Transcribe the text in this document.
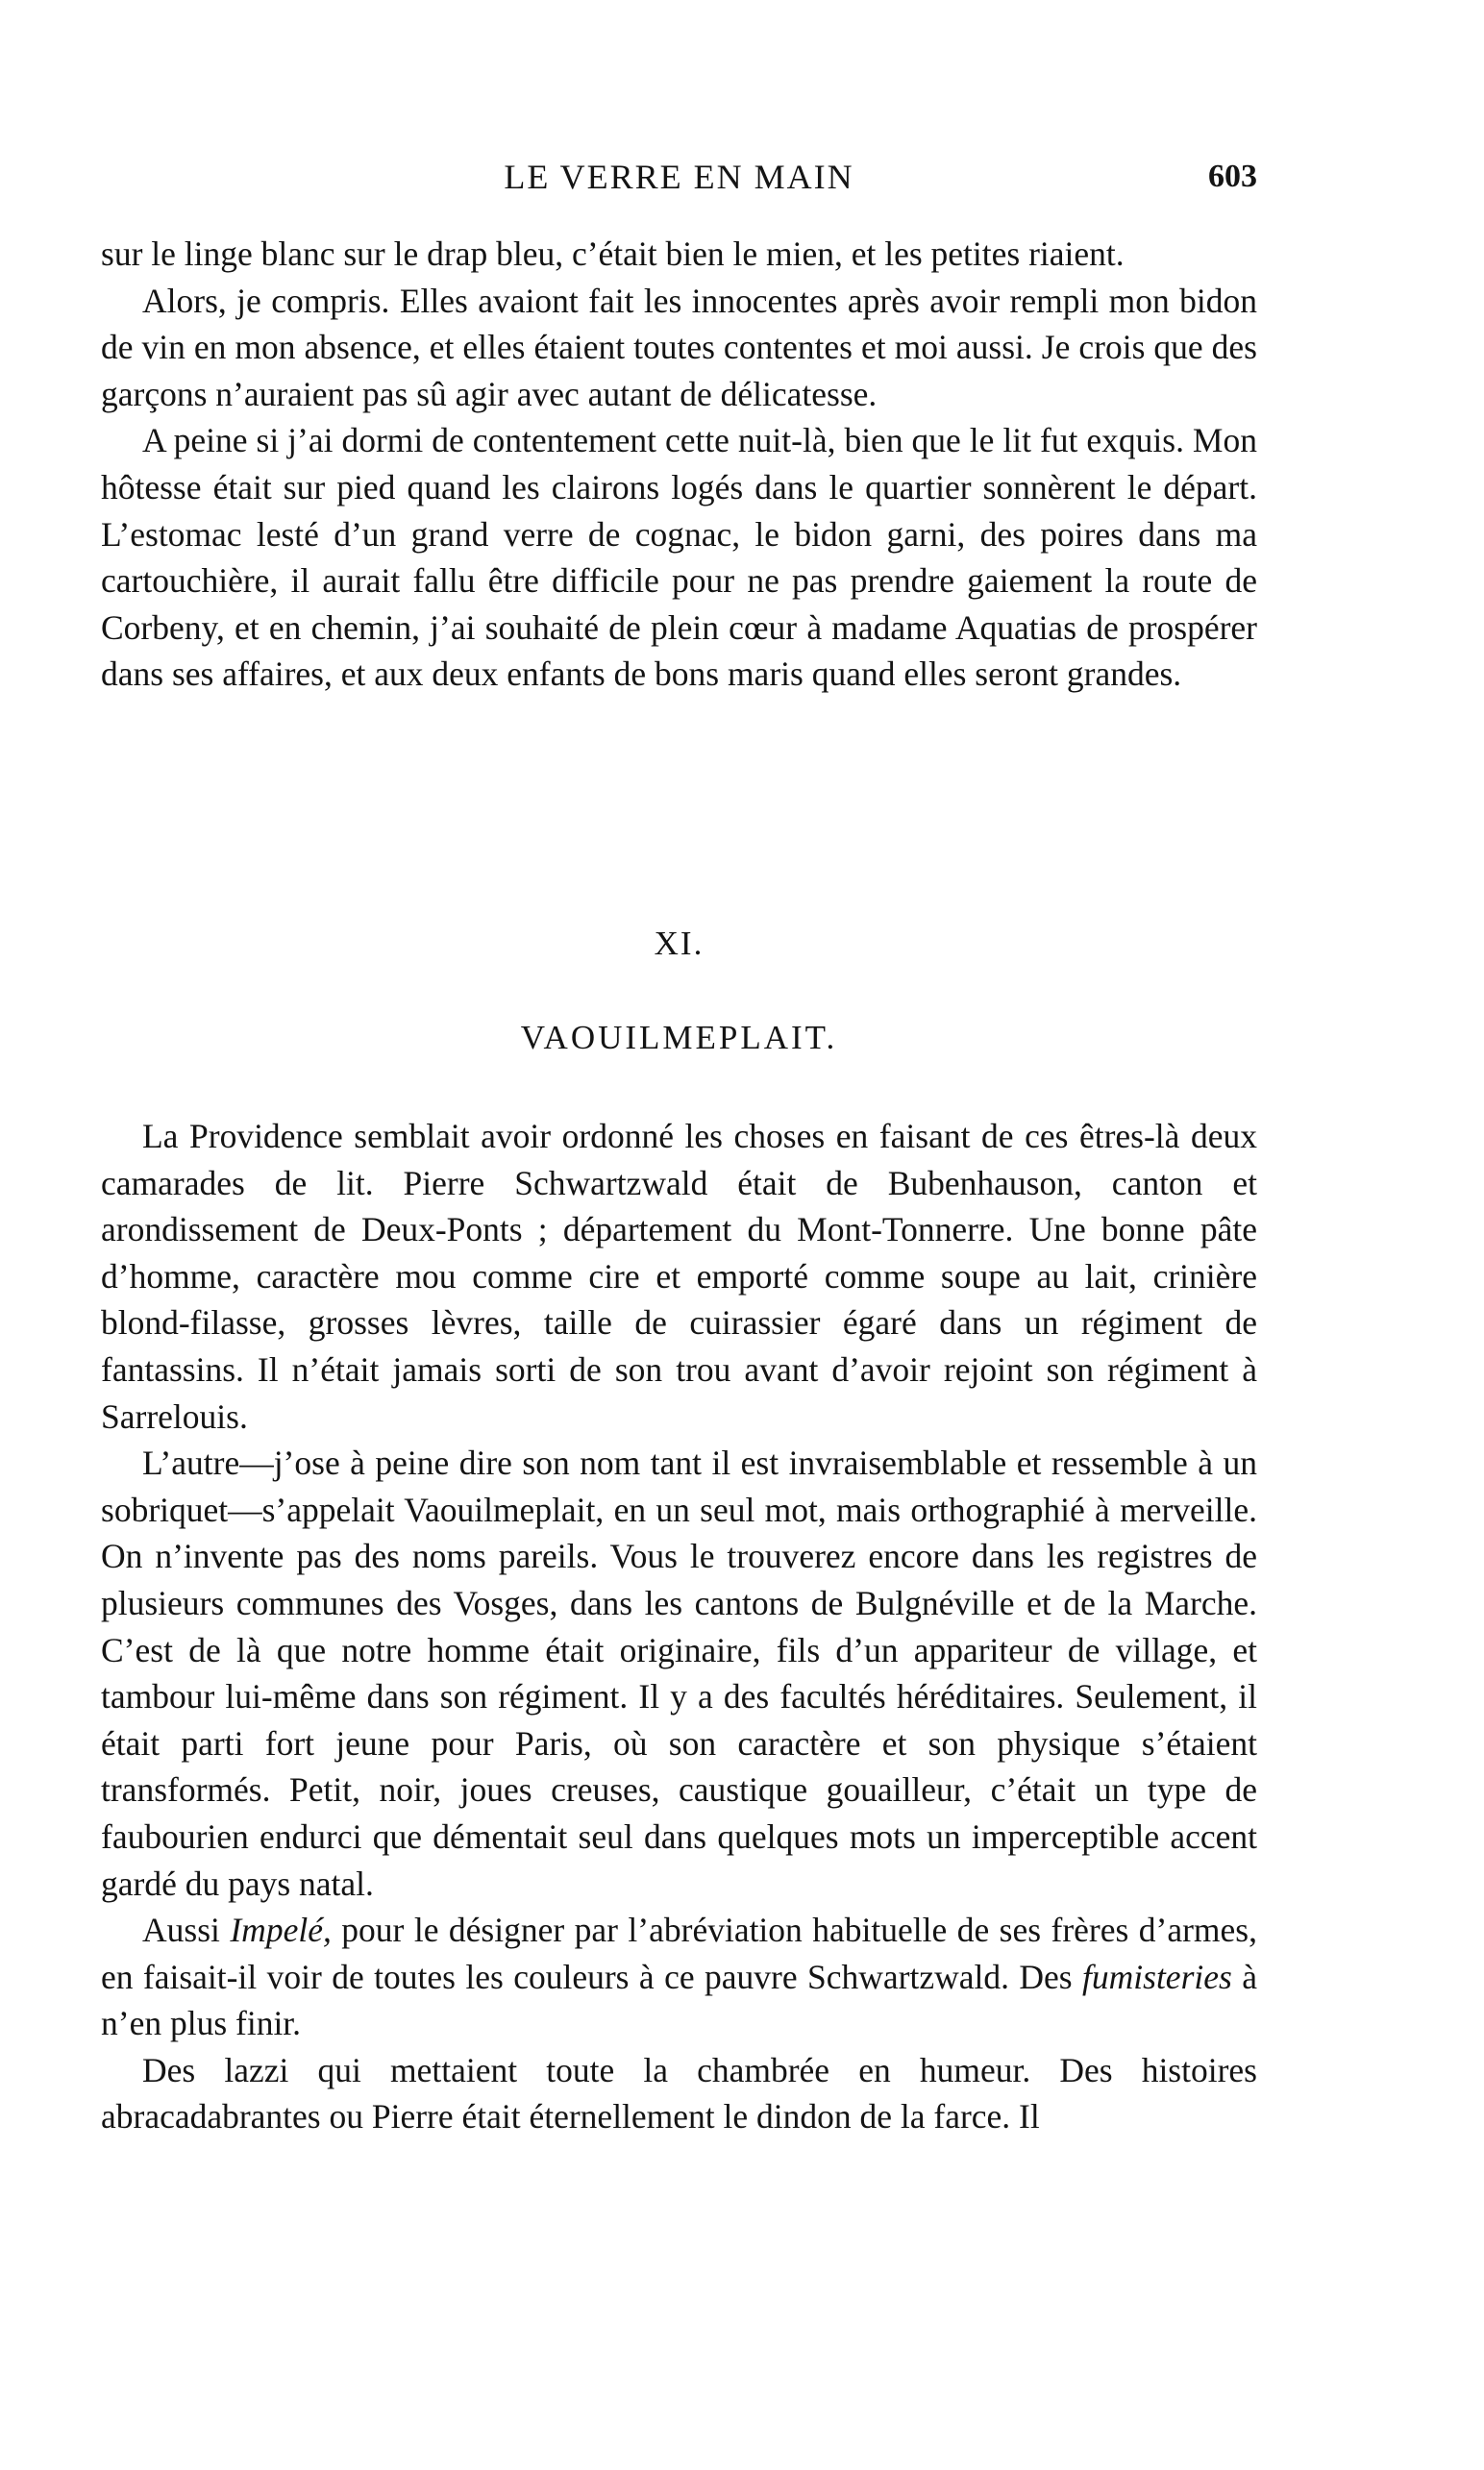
LE VERRE EN MAIN	603

sur le linge blanc sur le drap bleu, c’était bien le mien, et les petites riaient.

Alors, je compris. Elles avaiont fait les innocentes après avoir rempli mon bidon de vin en mon absence, et elles étaient toutes contentes et moi aussi. Je crois que des garçons n’auraient pas sû agir avec autant de délicatesse.

A peine si j’ai dormi de contentement cette nuit-là, bien que le lit fut exquis. Mon hôtesse était sur pied quand les clairons logés dans le quartier sonnèrent le départ. L’estomac lesté d’un grand verre de cognac, le bidon garni, des poires dans ma cartouchière, il aurait fallu être difficile pour ne pas prendre gaiement la route de Corbeny, et en chemin, j’ai souhaité de plein cœur à madame Aquatias de prospérer dans ses affaires, et aux deux enfants de bons maris quand elles seront grandes.

XI.
VAOUILMEPLAIT.

La Providence semblait avoir ordonné les choses en faisant de ces êtres-là deux camarades de lit. Pierre Schwartzwald était de Bubenhauson, canton et arondissement de Deux-Ponts ; département du Mont-Tonnerre. Une bonne pâte d’homme, caractère mou comme cire et emporté comme soupe au lait, crinière blond-filasse, grosses lèvres, taille de cuirassier égaré dans un régiment de fantassins. Il n’était jamais sorti de son trou avant d’avoir rejoint son régiment à Sarrelouis.

L’autre—j’ose à peine dire son nom tant il est invraisemblable et ressemble à un sobriquet—s’appelait Vaouilmeplait, en un seul mot, mais orthographié à merveille. On n’invente pas des noms pareils. Vous le trouverez encore dans les registres de plusieurs communes des Vosges, dans les cantons de Bulgnéville et de la Marche. C’est de là que notre homme était originaire, fils d’un appariteur de village, et tambour lui-même dans son régiment. Il y a des facultés héréditaires. Seulement, il était parti fort jeune pour Paris, où son caractère et son physique s’étaient transformés. Petit, noir, joues creuses, caustique gouailleur, c’était un type de faubourien endurci que démentait seul dans quelques mots un imperceptible accent gardé du pays natal.

Aussi Impelé, pour le désigner par l’abréviation habituelle de ses frères d’armes, en faisait-il voir de toutes les couleurs à ce pauvre Schwartzwald. Des fumisteries à n’en plus finir.

Des lazzi qui mettaient toute la chambrée en humeur. Des histoires abracadabrantes ou Pierre était éternellement le dindon de la farce. Il
